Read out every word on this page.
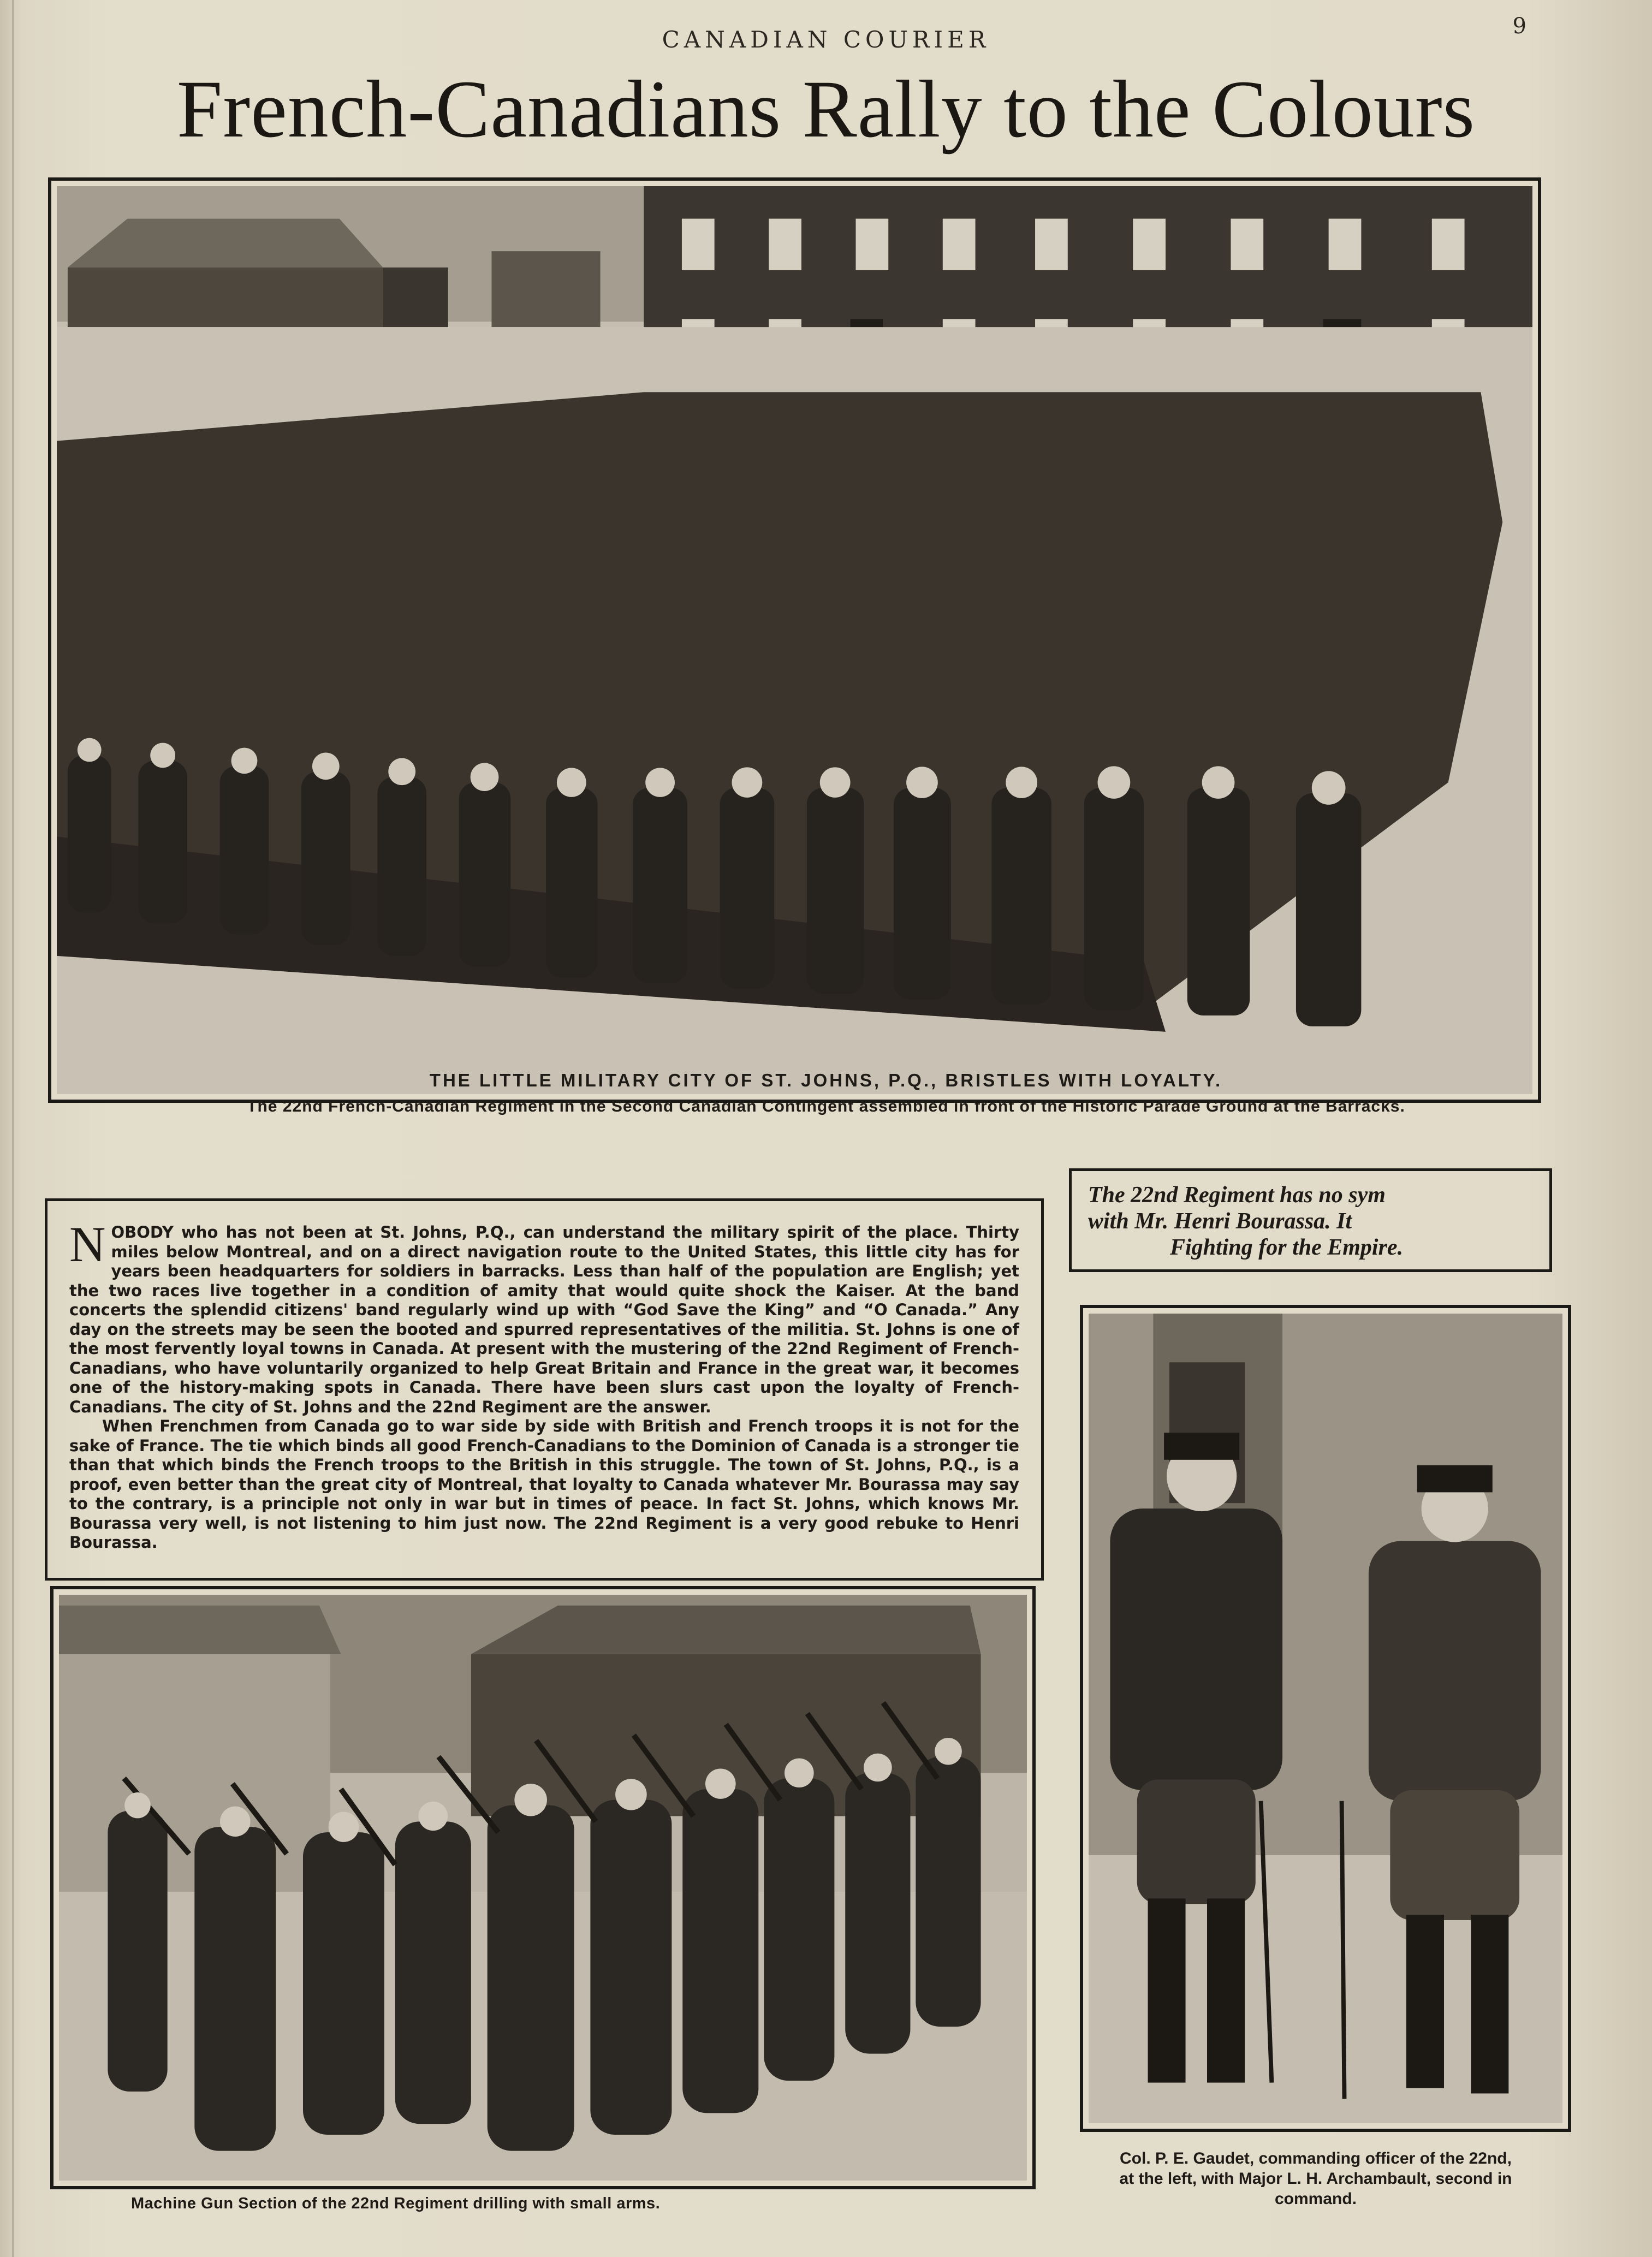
CANADIAN COURIER	9
French-Canadians Rally to the Colours
THE LITTLE MILITARY CITY OF ST. JOHNS, P.Q., BRISTLES WITH LOYALTY.
The 22nd French-Canadian Regiment in the Second Canadian Contingent assembled in front of the Historic Parade Ground at the Barracks.
N OBODY who has not been at St. Johns, P.Q., can understand the military spirit of the place. Thirty miles below Montreal, and on a direct navigation route to the United States, this little city has for years been headquarters for soldiers in barracks. Less than half of the population are English; yet the two races live together in a condition of amity that would quite shock the Kaiser. At the band concerts the splendid citizens' band regularly wind up with “God Save the King” and “O Canada.” Any day on the streets may be seen the booted and spurred representatives of the militia. St. Johns is one of the most fervently loyal towns in Canada. At present with the mustering of the 22nd Regiment of French-Canadians, who have voluntarily organized to help Great Britain and France in the great war, it becomes one of the history-making spots in Canada. There have been slurs cast upon the loyalty of French-Canadians. The city of St. Johns and the 22nd Regiment are the answer.

When Frenchmen from Canada go to war side by side with British and French troops it is not for the sake of France. The tie which binds all good French-Canadians to the Dominion of Canada is a stronger tie than that which binds the French troops to the British in this struggle. The town of St. Johns, P.Q., is a proof, even better than the great city of Montreal, that loyalty to Canada whatever Mr. Bourassa may say to the contrary, is a principle not only in war but in times of peace. In fact St. Johns, which knows Mr. Bourassa very well, is not listening to him just now. The 22nd Regiment is a very good rebuke to Henri Bourassa.

The 22nd Regiment has no sym
with Mr. Henri Bourassa. It
Fighting for the Empire.
Machine Gun Section of the 22nd Regiment drilling with small arms.
Col. P. E. Gaudet, commanding officer of the 22nd,
at the left, with Major L. H. Archambault, second in
command.
